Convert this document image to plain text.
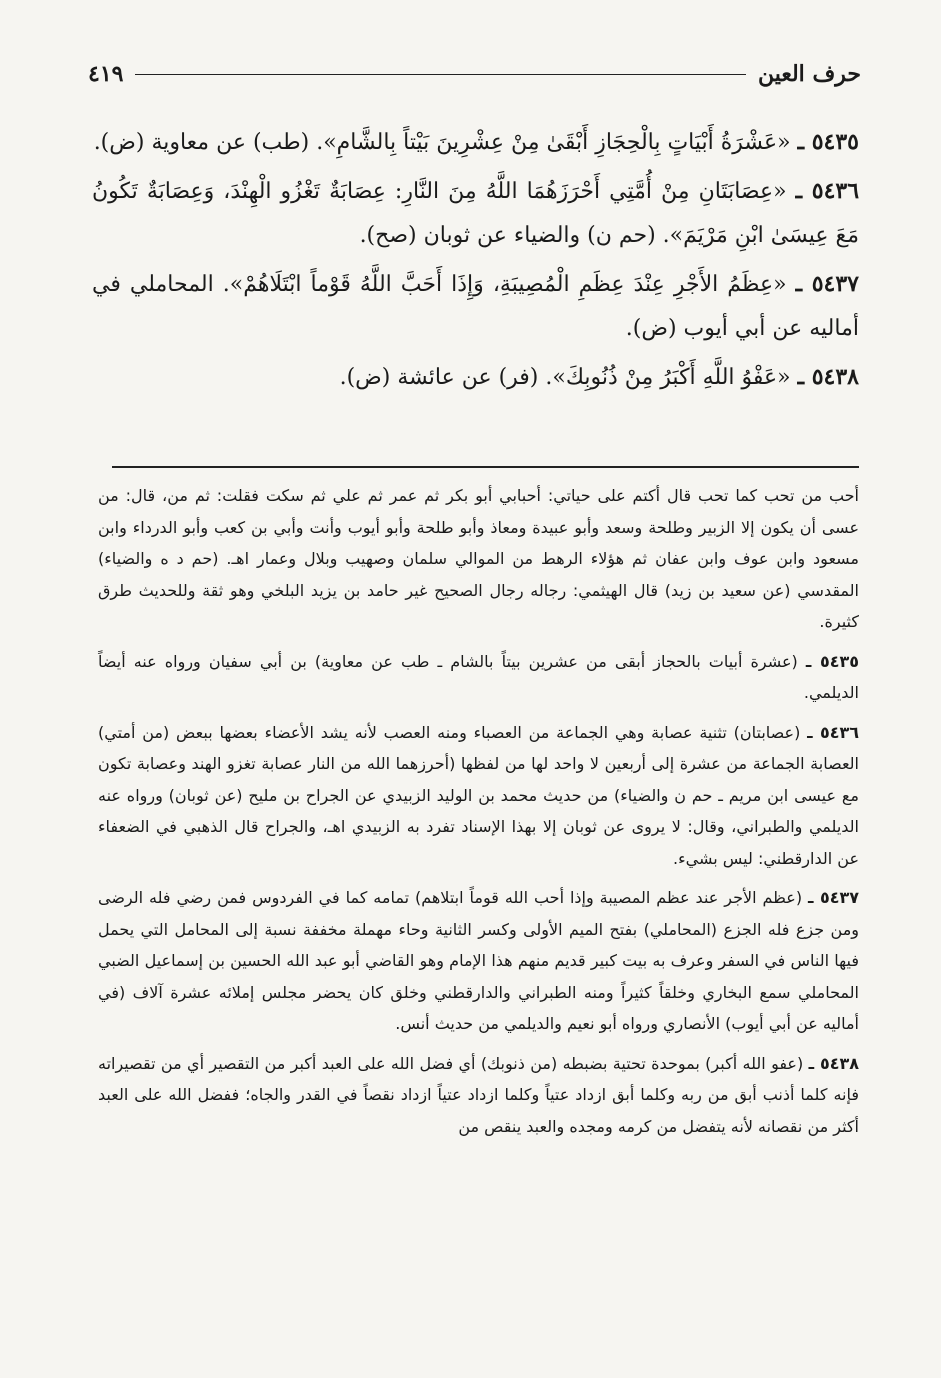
حرف العين
٤١٩

٥٤٣٥ ـ «عَشْرَةُ أَبْيَاتٍ بِالْحِجَازِ أَبْقَىٰ مِنْ عِشْرِينَ بَيْتاً بِالشَّامِ». (طب) عن معاوية (ض).

٥٤٣٦ ـ «عِصَابَتَانِ مِنْ أُمَّتِي أَحْرَزَهُمَا اللَّهُ مِنَ النَّارِ: عِصَابَةٌ تَغْزُو الْهِنْدَ، وَعِصَابَةٌ تَكُونُ مَعَ عِيسَىٰ ابْنِ مَرْيَمَ». (حم ن) والضياء عن ثوبان (صح).

٥٤٣٧ ـ «عِظَمُ الأَجْرِ عِنْدَ عِظَمِ الْمُصِيبَةِ، وَإِذَا أَحَبَّ اللَّهُ قَوْماً ابْتَلَاهُمْ». المحاملي في أماليه عن أبي أيوب (ض).

٥٤٣٨ ـ «عَفْوُ اللَّهِ أَكْبَرُ مِنْ ذُنُوبِكَ». (فر) عن عائشة (ض).

أحب من تحب كما تحب قال أكتم على حياتي: أحبابي أبو بكر ثم عمر ثم علي ثم سكت فقلت: ثم من، قال: من عسى أن يكون إلا الزبير وطلحة وسعد وأبو عبيدة ومعاذ وأبو طلحة وأبو أيوب وأنت وأبي بن كعب وأبو الدرداء وابن مسعود وابن عوف وابن عفان ثم هؤلاء الرهط من الموالي سلمان وصهيب وبلال وعمار اهـ. (حم د ه والضياء) المقدسي (عن سعيد بن زيد) قال الهيثمي: رجاله رجال الصحيح غير حامد بن يزيد البلخي وهو ثقة وللحديث طرق كثيرة.

٥٤٣٥ ـ (عشرة أبيات بالحجاز أبقى من عشرين بيتاً بالشام ـ طب عن معاوية) بن أبي سفيان ورواه عنه أيضاً الديلمي.

٥٤٣٦ ـ (عصابتان) تثنية عصابة وهي الجماعة من العصباء ومنه العصب لأنه يشد الأعضاء بعضها ببعض (من أمتي) العصابة الجماعة من عشرة إلى أربعين لا واحد لها من لفظها (أحرزهما الله من النار عصابة تغزو الهند وعصابة تكون مع عيسى ابن مريم ـ حم ن والضياء) من حديث محمد بن الوليد الزبيدي عن الجراح بن مليح (عن ثوبان) ورواه عنه الديلمي والطبراني، وقال: لا يروى عن ثوبان إلا بهذا الإسناد تفرد به الزبيدي اهـ، والجراح قال الذهبي في الضعفاء عن الدارقطني: ليس بشيء.

٥٤٣٧ ـ (عظم الأجر عند عظم المصيبة وإذا أحب الله قوماً ابتلاهم) تمامه كما في الفردوس فمن رضي فله الرضى ومن جزع فله الجزع (المحاملي) بفتح الميم الأولى وكسر الثانية وحاء مهملة مخففة نسبة إلى المحامل التي يحمل فيها الناس في السفر وعرف به بيت كبير قديم منهم هذا الإمام وهو القاضي أبو عبد الله الحسين بن إسماعيل الضبي المحاملي سمع البخاري وخلقاً كثيراً ومنه الطبراني والدارقطني وخلق كان يحضر مجلس إملائه عشرة آلاف (في أماليه عن أبي أيوب) الأنصاري ورواه أبو نعيم والديلمي من حديث أنس.

٥٤٣٨ ـ (عفو الله أكبر) بموحدة تحتية بضبطه (من ذنوبك) أي فضل الله على العبد أكبر من التقصير أي من تقصيراته فإنه كلما أذنب أبق من ربه وكلما أبق ازداد عتياً وكلما ازداد عتياً ازداد نقصاً في القدر والجاه؛ ففضل الله على العبد أكثر من نقصانه لأنه يتفضل من كرمه ومجده والعبد ينقص من
